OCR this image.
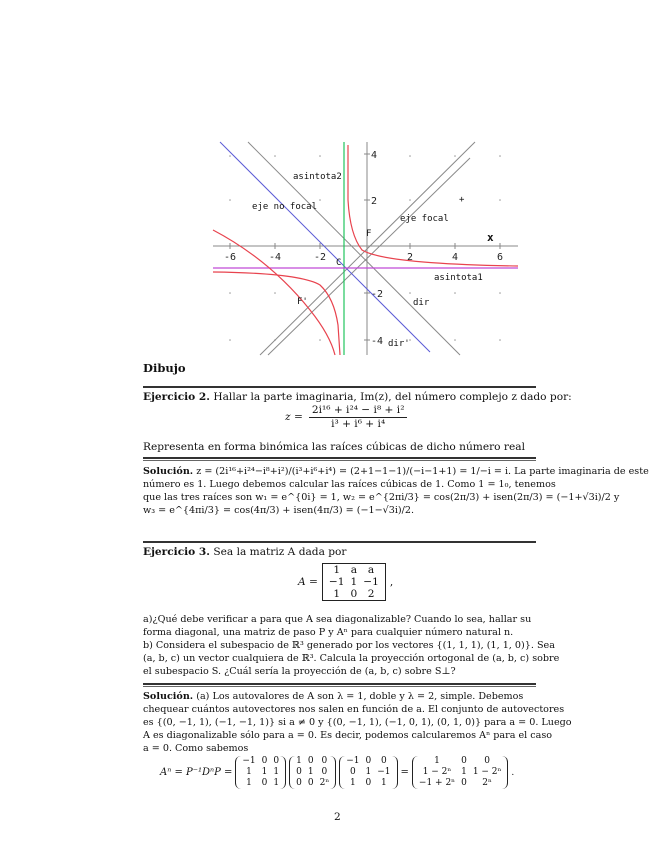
-6	-4	-2	2	4	6
4
2
-2
-4
x
asintota2
eje no focal
eje focal
asintota1
dir
dir'
F
F'
C
+
Dibujo
Ejercicio 2. Hallar la parte imaginaria, Im(z), del número complejo z dado por:
$z = \frac{\text{2i¹⁶ + i²⁴ − i⁸ + i²}}{\text{i³ + i⁶ + i⁴}}$
Representa en forma binómica las raíces cúbicas de dicho número real
Solución. z = (2i¹⁶+i²⁴−i⁸+i²)/(i³+i⁶+i⁴) = (2+1−1−1)/(−i−1+1) = 1/−i = i. La parte imaginaria de este
número es 1. Luego debemos calcular las raíces cúbicas de 1. Como 1 = 1₀, tenemos
que las tres raíces son w₁ = e^{0i} = 1, w₂ = e^{2πi/3} = cos(2π/3) + isen(2π/3) = (−1+√3i)/2 y
w₃ = e^{4πi/3} = cos(4π/3) + isen(4π/3) = (−1−√3i)/2.
Ejercicio 3. Sea la matriz A dada por
A =
1	a	a
−1	1	−1
1	0	2
,
a)¿Qué debe verificar a para que A sea diagonalizable? Cuando lo sea, hallar su
forma diagonal, una matriz de paso P y Aⁿ para cualquier número natural n.
b) Considera el subespacio de ℝ³ generado por los vectores {(1, 1, 1), (1, 1, 0)}. Sea
(a, b, c) un vector cualquiera de ℝ³. Calcula la proyección ortogonal de (a, b, c) sobre
el subespacio S. ¿Cuál sería la proyección de (a, b, c) sobre S⊥?
Solución. (a) Los autovalores de A son λ = 1, doble y λ = 2, simple. Debemos
chequear cuántos autovectores nos salen en función de a. El conjunto de autovectores
es {(0, −1, 1), (−1, −1, 1)} si a ≠ 0 y {(0, −1, 1), (−1, 0, 1), (0, 1, 0)} para a = 0. Luego
A es diagonalizable sólo para a = 0. Es decir, podemos calcularemos Aⁿ para el caso
a = 0. Como sabemos
Aⁿ = P⁻¹DⁿP =
−1	0	0
1	1	1
1	0	1
1	0	0
0	1	0
0	0	2ⁿ
−1	0	0
0	1	−1
1	0	1
=
1	0	0
1 − 2ⁿ	1	1 − 2ⁿ
−1 + 2ⁿ	0	2ⁿ
.
2
